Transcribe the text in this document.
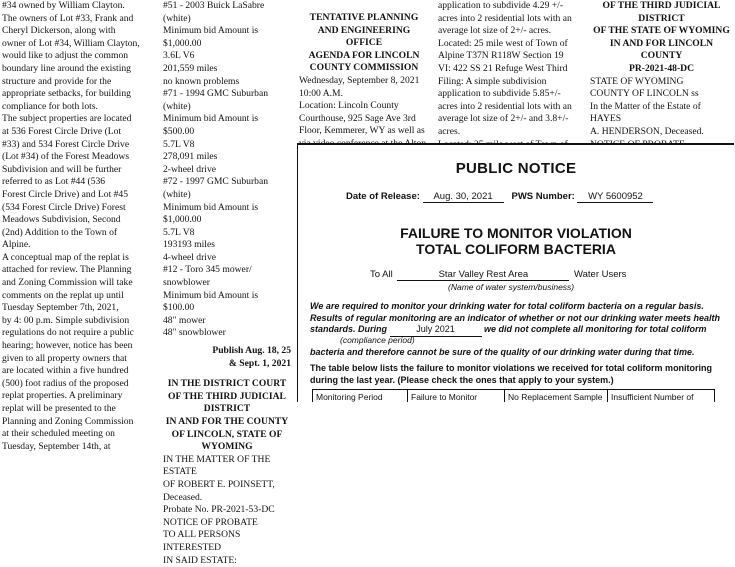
#34 owned by William Clayton.

The owners of Lot #33, Frank and

Cheryl Dickerson, along with

owner of Lot #34, William Clayton,

would like to adjust the common

boundary line around the existing

structure and provide for the

appropriate setbacks, for building

compliance for both lots.

The subject properties are located

at 536 Forest Circle Drive (Lot

#33) and 534 Forest Circle Drive

(Lot #34) of the Forest Meadows

Subdivision and will be further

referred to as Lot #44 (536

Forest Circle Drive) and Lot #45

(534 Forest Circle Drive) Forest

Meadows Subdivision, Second

(2nd) Addition to the Town of

Alpine.

A conceptual map of the replat is

attached for review. The Planning

and Zoning Commission will take

comments on the replat up until

Tuesday September 7th, 2021,

by 4: 00 p.m. Simple subdivision

regulations do not require a public

hearing; however, notice has been

given to all property owners that

are located within a five hundred

(500) foot radius of the proposed

replat properties. A preliminary

replat will be presented to the

Planning and Zoning Commission

at their scheduled meeting on

Tuesday, September 14th, at

#51 - 2003 Buick LaSabre (white)

Minimum bid Amount is $1,000.00

3.6L V6

201,559 miles

no known problems

#71 - 1994 GMC Suburban (white)

Minimum bid Amount is $500.00

5.7L V8

278,091 miles

2-wheel drive

#72 - 1997 GMC Suburban (white)

Minimum bid Amount is $1,000.00

5.7L V8

193193 miles

4-wheel drive

#12 - Toro 345 mower/

snowblower

Minimum bid Amount is $100.00

48" mower

48" snowblower

Publish Aug. 18, 25

& Sept. 1, 2021

IN THE DISTRICT COURT

OF THE THIRD JUDICIAL

DISTRICT

IN AND FOR THE COUNTY

OF LINCOLN, STATE OF

WYOMING

IN THE MATTER OF THE ESTATE

OF ROBERT E. POINSETT,

Deceased.

Probate No. PR-2021-53-DC

NOTICE OF PROBATE

TO ALL PERSONS INTERESTED

IN SAID ESTATE:

TENTATIVE PLANNING

AND ENGINEERING OFFICE

AGENDA FOR LINCOLN

COUNTY COMMISSION

Wednesday, September 8, 2021

10:00 A.M.

Location: Lincoln County

Courthouse, 925 Sage Ave 3rd

Floor, Kemmerer, WY as well as

application to subdivide 4.29 +/-

acres into 2 residential lots with an

average lot size of 2+/- acres.

Located: 25 mile west of Town of

Alpine T37N R118W Section 19

VI: 422 SS 21 Refuge West Third

Filing: A simple subdivision

application to subdivide 5.85+/-

acres into 2 residential lots with an

average lot size of 2+/- and 3.8+/-

acres.

OF THE THIRD JUDICIAL

DISTRICT

OF THE STATE OF WYOMING

IN AND FOR LINCOLN

COUNTY

PR-2021-48-DC

STATE OF WYOMING

COUNTY OF LINCOLN ss

In the Matter of the Estate of HAYES

A. HENDERSON, Deceased.

PUBLIC NOTICE
Date of Release: Aug. 30, 2021 PWS Number: WY 5600952
FAILURE TO MONITOR VIOLATION
TOTAL COLIFORM BACTERIA
To All	Star Valley Rest Area	Water Users
(Name of water system/business)
We are required to monitor your drinking water for total coliform bacteria on a regular basis. Results of regular monitoring are an indicator of whether or not our drinking water meets health standards. During	July 2021	we did not complete all monitoring for total coliform
(compliance period)
bacteria and therefore cannot be sure of the quality of our drinking water during that time.
The table below lists the failure to monitor violations we received for total coliform monitoring during the last year. (Please check the ones that apply to your system.)
Monitoring Period	Failure to Monitor	No Replacement Sample	Insufficient Number of
